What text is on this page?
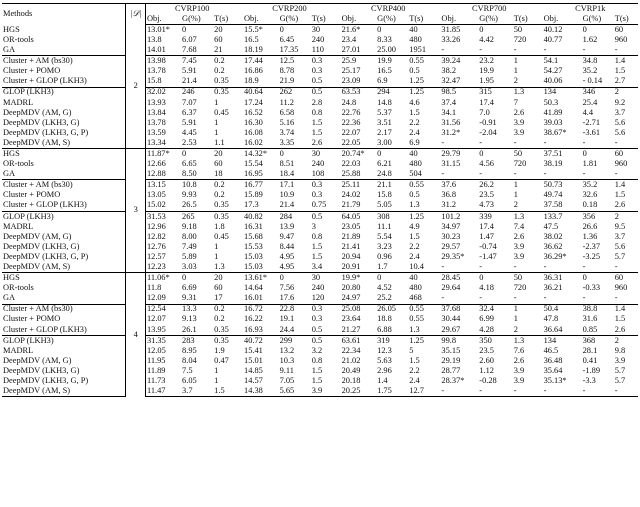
Methods	|𝒟|	CVRP100				CVRP200				CVRP400				CVRP700				CVRP1k		
		Obj.	G(%)	T(s)		Obj.	G(%)	T(s)		Obj.	G(%)	T(s)		Obj.	G(%)	T(s)		Obj.	G(%)	T(s)
HGS	2	13.01*	0	20		15.5*	0	30		21.6*	0	40		31.85	0	50		40.12	0	60
OR-tools		13.8	6.07	60		16.5	6.45	240		23.4	8.33	480		33.26	4.42	720		40.77	1.62	960
GA		14.01	7.68	21		18.19	17.35	110		27.01	25.00	1951		-	-	-		-	-	-
Cluster + AM (bs30)		13.98	7.45	0.2		17.44	12.5	0.3		25.9	19.9	0.55		39.24	23.2	1		54.1	34.8	1.4
Cluster + POMO		13.78	5.91	0.2		16.86	8.78	0.3		25.17	16.5	0.5		38.2	19.9	1		54.27	35.2	1.5
Cluster + GLOP (LKH3)		15.8	21.4	0.35		18.9	21.9	0.5		23.09	6.9	1.25		32.47	1.95	2		40.06	- 0.14	2.7
GLOP (LKH3)		32.02	246	0.35		40.64	262	0.5		63.53	294	1.25		98.5	315	1.3		134	346	2
MADRL		13.93	7.07	1		17.24	11.2	2.8		24.8	14.8	4.6		37.4	17.4	7		50.3	25.4	9.2
DeepMDV (AM, G)		13.84	6.37	0.45		16.52	6.58	0.8		22.76	5.37	1.5		34.1	7.0	2.6		41.89	4.4	3.7
DeepMDV (LKH3, G)		13.78	5.91	1		16.30	5.16	1.5		22.36	3.51	2.2		31.56	-0.91	3.9		39.03	-2.71	5.6
DeepMDV (LKH3, G, P)		13.59	4.45	1		16.08	3.74	1.5		22.07	2.17	2.4		31.2*	-2.04	3.9		38.67*	-3.61	5.6
DeepMDV (AM, S)		13.34	2.53	1.1		16.02	3.35	2.6		22.05	3.00	6.9		-	-	-		-	-	-
HGS	3	11.87*	0	20		14.32*	0	30		20.74*	0	40		29.79	0	50		37.51	0	60
OR-tools		12.66	6.65	60		15.54	8.51	240		22.03	6.21	480		31.15	4.56	720		38.19	1.81	960
GA		12.88	8.50	18		16.95	18.4	108		25.88	24.8	504		-	-	-		-	-	-
Cluster + AM (bs30)		13.15	10.8	0.2		16.77	17.1	0.3		25.11	21.1	0.55		37.6	26.2	1		50.73	35.2	1.4
Cluster + POMO		13.05	9.93	0.2		15.89	10.9	0.3		24.02	15.8	0.5		36.8	23.5	1		49.74	32.6	1.5
Cluster + GLOP (LKH3)		15.02	26.5	0.35		17.3	21.4	0.75		21.79	5.05	1.3		31.2	4.73	2		37.58	0.18	2.6
GLOP (LKH3)		31.53	265	0.35		40.82	284	0.5		64.05	308	1.25		101.2	339	1.3		133.7	356	2
MADRL		12.96	9.18	1.8		16.31	13.9	3		23.05	11.1	4.9		34.97	17.4	7.4		47.5	26.6	9.5
DeepMDV (AM, G)		12.82	8.00	0.45		15.68	9.47	0.8		21.89	5.54	1.5		30.23	1.47	2.6		38.02	1.36	3.7
DeepMDV (LKH3, G)		12.76	7.49	1		15.53	8.44	1.5		21.41	3.23	2.2		29.57	-0.74	3.9		36.62	-2.37	5.6
DeepMDV (LKH3, G, P)		12.57	5.89	1		15.03	4.95	1.5		20.94	0.96	2.4		29.35*	-1.47	3.9		36.29*	-3.25	5.7
DeepMDV (AM, S)		12.23	3.03	1.3		15.03	4.95	3.4		20.91	1.7	10.4		-	-	-		-	-	-
HGS	4	11.06*	0	20		13.61*	0	30		19.9*	0	40		28.45	0	50		36.31	0	60
OR-tools		11.8	6.69	60		14.64	7.56	240		20.80	4.52	480		29.64	4.18	720		36.21	-0.33	960
GA		12.09	9.31	17		16.01	17.6	120		24.97	25.2	468		-	-	-		-	-	-
Cluster + AM (bs30)		12.54	13.3	0.2		16.72	22.8	0.3		25.08	26.05	0.55		37.68	32.4	1		50.4	38.8	1.4
Cluster + POMO		12.07	9.13	0.2		16.22	19.1	0.3		23.64	18.8	0.55		30.44	6.99	1		47.8	31.6	1.5
Cluster + GLOP (LKH3)		13.95	26.1	0.35		16.93	24.4	0.5		21.27	6.88	1.3		29.67	4.28	2		36.64	0.85	2.6
GLOP (LKH3)		31.35	283	0.35		40.72	299	0.5		63.61	319	1.25		99.8	350	1.3		134	368	2
MADRL		12.05	8.95	1.9		15.41	13.2	3.2		22.34	12.3	5		35.15	23.5	7.6		46.5	28.1	9.8
DeepMDV (AM, G)		11.95	8.04	0.47		15.01	10.3	0.8		21.02	5.63	1.5		29.19	2.60	2.6		36.48	0.41	3.9
DeepMDV (LKH3, G)		11.89	7.5	1		14.85	9.11	1.5		20.49	2.96	2.2		28.77	1.12	3.9		35.64	-1.89	5.7
DeepMDV (LKH3, G, P)		11.73	6.05	1		14.57	7.05	1.5		20.18	1.4	2.4		28.37*	-0.28	3.9		35.13*	-3.3	5.7
DeepMDV (AM, S)		11.47	3.7	1.5		14.38	5.65	3.9		20.25	1.75	12.7		-	-	-		-	-	-
